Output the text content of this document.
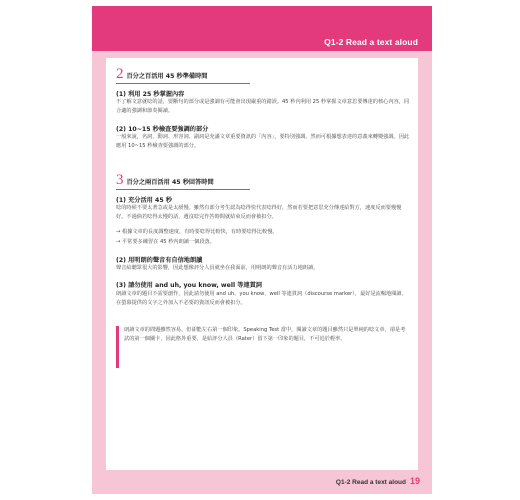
Q1-2 Read a text aloud
2 百分之百活用 45 秒準備時間
(1) 利用 25 秒掌握內容
不了解文意就唸的話，要斷句的部分或是強調有可能會出現嚴重的錯誤。45 秒內利用 25 秒掌握文章意思要傳達的核心內容，同合適的強調和節奏閱讀。
(2) 10~15 秒檢查要強調的部分
一般來說，名詞、動詞、形容詞、副詞是充滿文章重要資訊的「內容」，要特別強調。然而可根據想表達的意義來轉變強調。因此應用 10~15 秒檢查要強調的部分。
3 百分之兩百活用 45 秒回答時間
(1) 充分活用 45 秒
唸的時候不要太著急或是太緩慢。雖然有部分考生認為唸得快代表唸得好，然而若要把意思充分傳達給對方，速度反而要慢慢好。不過倘若唸得太慢的話，遺沒唸完作答時間就結束反而會被扣分。
→ 根據文章的長度調整速度，有時要唸得比較快，有時要唸得比較慢。
→ 平常要多練習在 45 秒內朗讀一個段落。
(2) 用明朗的聲音有自信地朗讀
聲音給聽眾很大的影響，因此想像評分人員就坐在我面前，用明朗的聲音有活力地朗讀。
(3) 請勿使用 and uh, you know, well 等連貫詞
朗讀文章的題目不需要創作，因此請勿使用 and uh、you know、well 等連貫詞（discourse marker），最好是流暢地閱讀。在螢幕提供的文字之外加入不必要的資訊反而會被扣分。
朗讀文章的問題雖然容易，但卻能左右第一個印象。Speaking Test 當中，閱讀文章的題目雖然只是單純的唸文章，卻是考試的第一個關卡，因此格外重要，是給評分人員（Rater）留下第一印象的題目，不可追於輕率。
Q1-2 Read a text aloud 19
